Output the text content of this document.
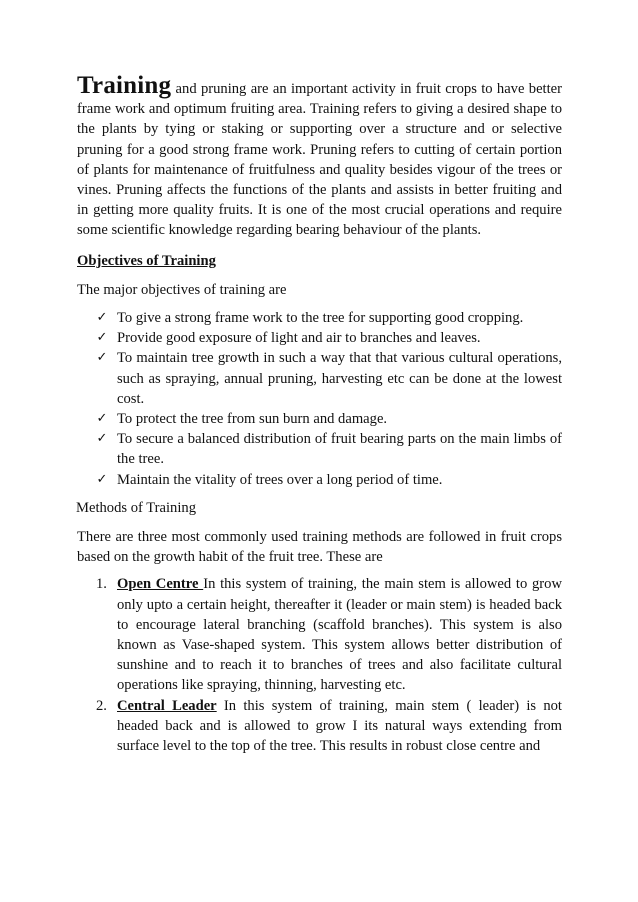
Training and pruning are an important activity in fruit crops to have better frame work and optimum fruiting area. Training refers to giving a desired shape to the plants by tying or staking or supporting over a structure and or selective pruning for a good strong frame work. Pruning refers to cutting of certain portion of plants for maintenance of fruitfulness and quality besides vigour of the trees or vines. Pruning affects the functions of the plants and assists in better fruiting and in getting more quality fruits. It is one of the most crucial operations and require some scientific knowledge regarding bearing behaviour of the plants.

Objectives of Training

The major objectives of training are

✓ To give a strong frame work to the tree for supporting good cropping.
✓ Provide good exposure of light and air to branches and leaves.
✓ To maintain tree growth in such a way that that various cultural operations, such as spraying, annual pruning, harvesting etc can be done at the lowest cost.
✓ To protect the tree from sun burn and damage.
✓ To secure a balanced distribution of fruit bearing parts on the main limbs of the tree.
✓ Maintain the vitality of trees over a long period of time.

Methods of Training

There are three most commonly used training methods are followed in fruit crops based on the growth habit of the fruit tree. These are

1. Open Centre In this system of training, the main stem is allowed to grow only upto a certain height, thereafter it (leader or main stem) is headed back to encourage lateral branching (scaffold branches). This system is also known as Vase-shaped system. This system allows better distribution of sunshine and to reach it to branches of trees and also facilitate cultural operations like spraying, thinning, harvesting etc.
2. Central Leader In this system of training, main stem ( leader) is not headed back and is allowed to grow I its natural ways extending from surface level to the top of the tree. This results in robust close centre and
